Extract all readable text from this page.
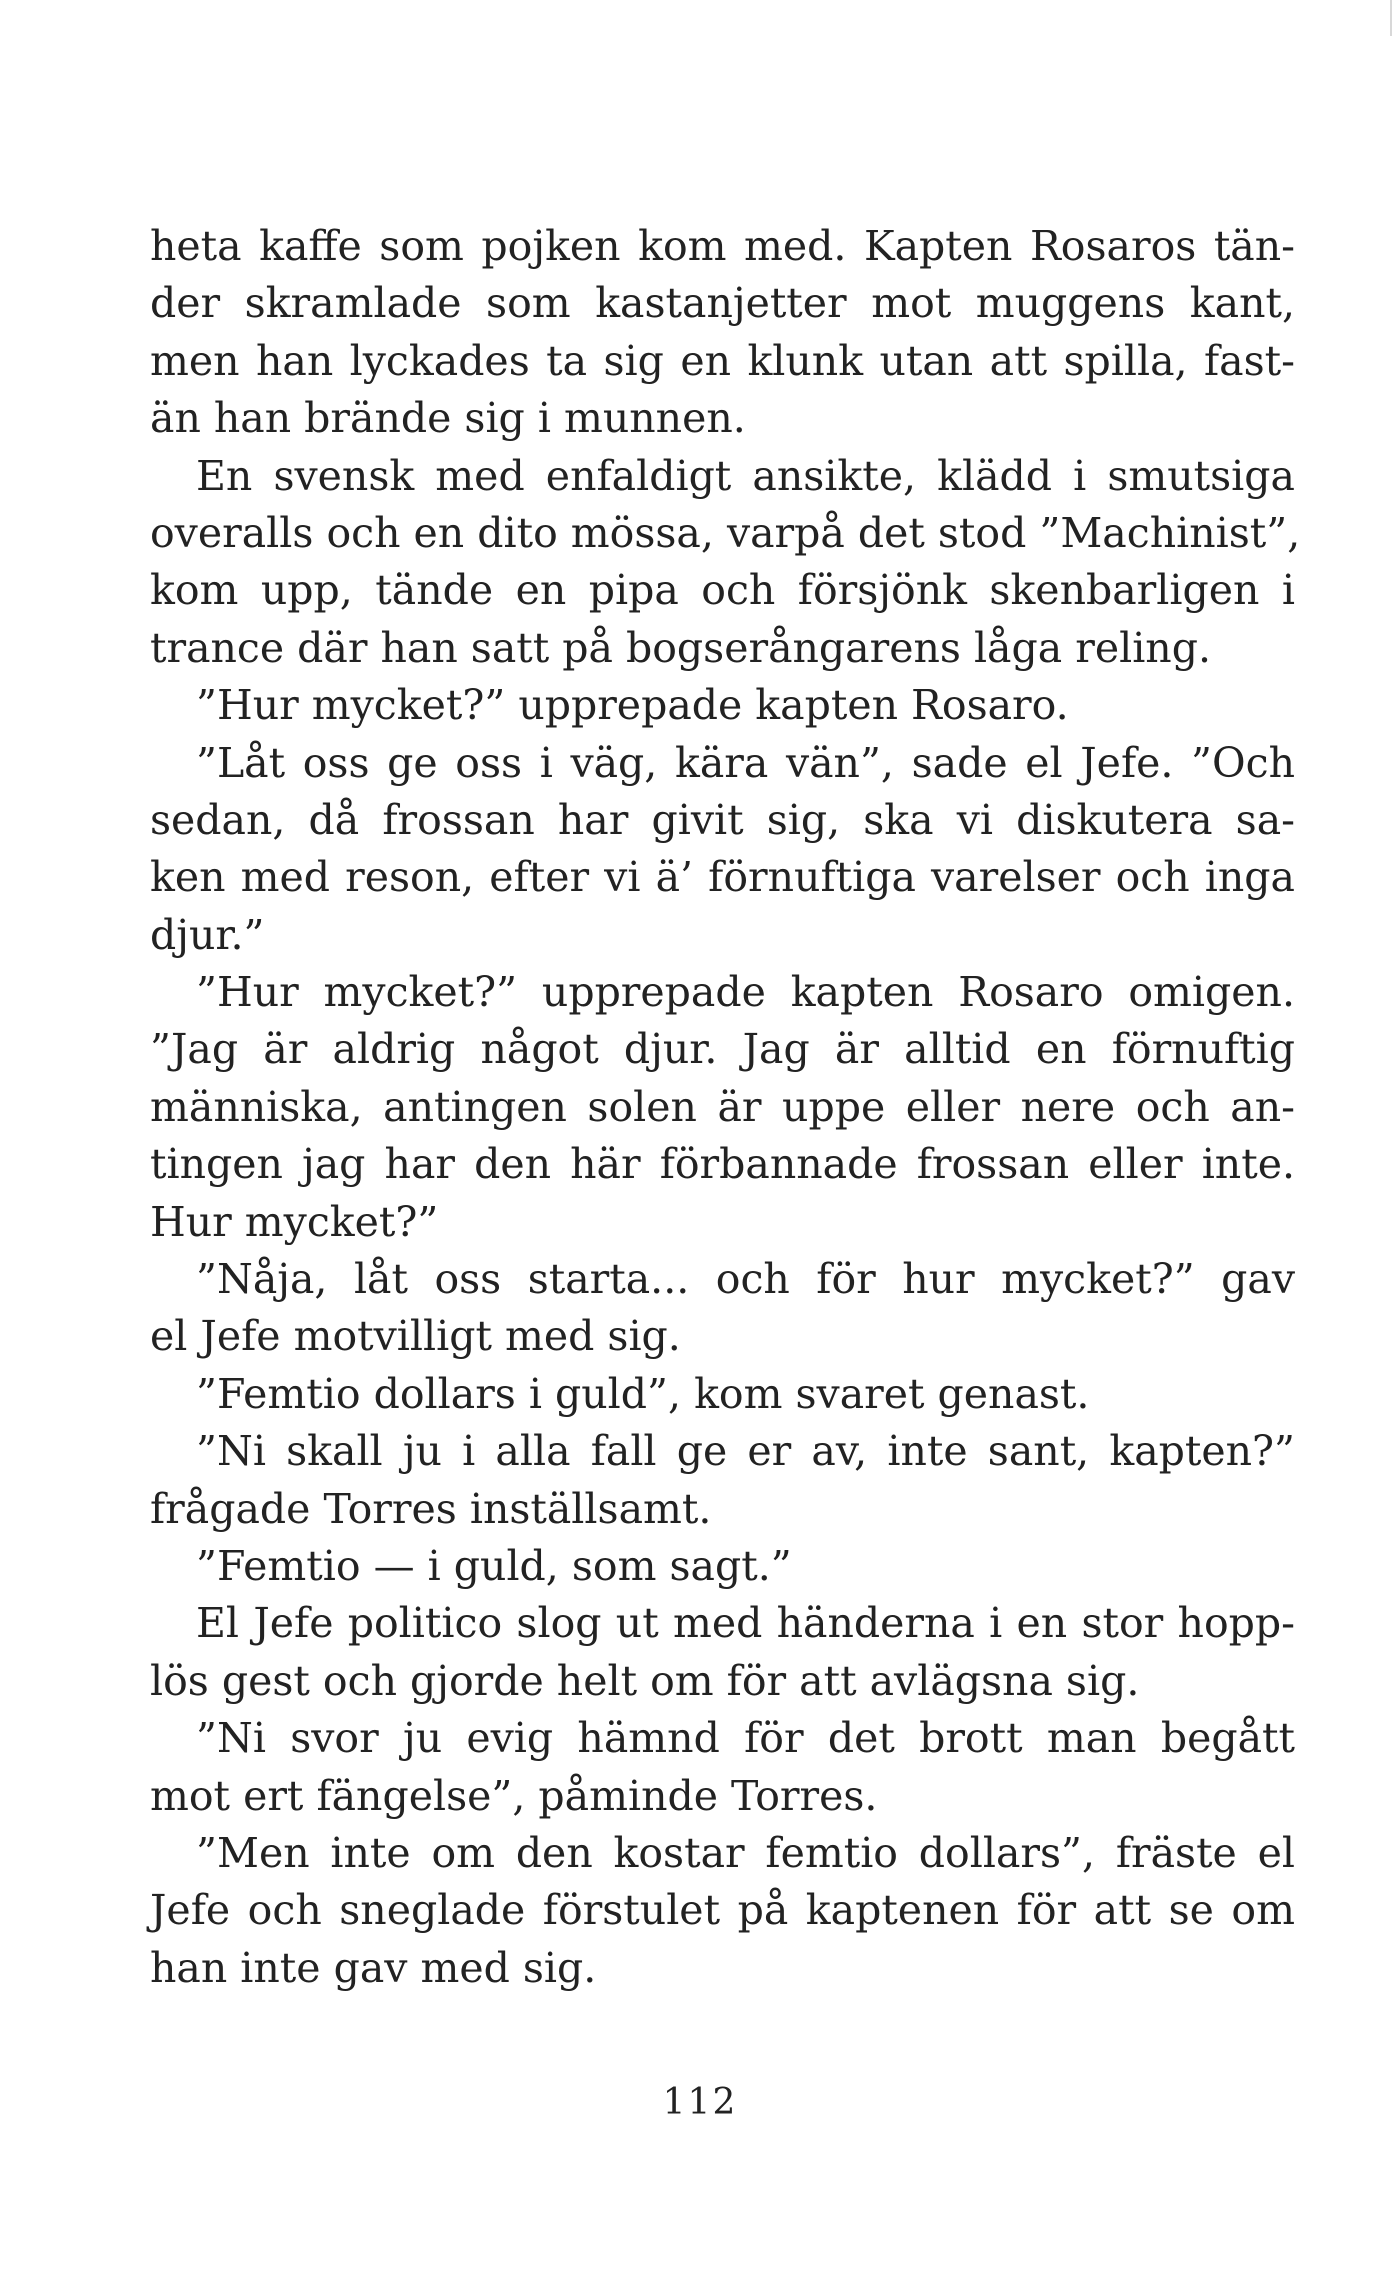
heta kaffe som pojken kom med. Kapten Rosaros tän-
der skramlade som kastanjetter mot muggens kant,
men han lyckades ta sig en klunk utan att spilla, fast-
än han brände sig i munnen.
En svensk med enfaldigt ansikte, klädd i smutsiga
overalls och en dito mössa, varpå det stod ”Machinist”,
kom upp, tände en pipa och försjönk skenbarligen i
trance där han satt på bogserångarens låga reling.
”Hur mycket?” upprepade kapten Rosaro.
”Låt oss ge oss i väg, kära vän”, sade el Jefe. ”Och
sedan, då frossan har givit sig, ska vi diskutera sa-
ken med reson, efter vi ä’ förnuftiga varelser och inga
djur.”
”Hur mycket?” upprepade kapten Rosaro omigen.
”Jag är aldrig något djur. Jag är alltid en förnuftig
människa, antingen solen är uppe eller nere och an-
tingen jag har den här förbannade frossan eller inte.
Hur mycket?”
”Nåja, låt oss starta... och för hur mycket?” gav
el Jefe motvilligt med sig.
”Femtio dollars i guld”, kom svaret genast.
”Ni skall ju i alla fall ge er av, inte sant, kapten?”
frågade Torres inställsamt.
”Femtio — i guld, som sagt.”
El Jefe politico slog ut med händerna i en stor hopp-
lös gest och gjorde helt om för att avlägsna sig.
”Ni svor ju evig hämnd för det brott man begått
mot ert fängelse”, påminde Torres.
”Men inte om den kostar femtio dollars”, fräste el
Jefe och sneglade förstulet på kaptenen för att se om
han inte gav med sig.
112
